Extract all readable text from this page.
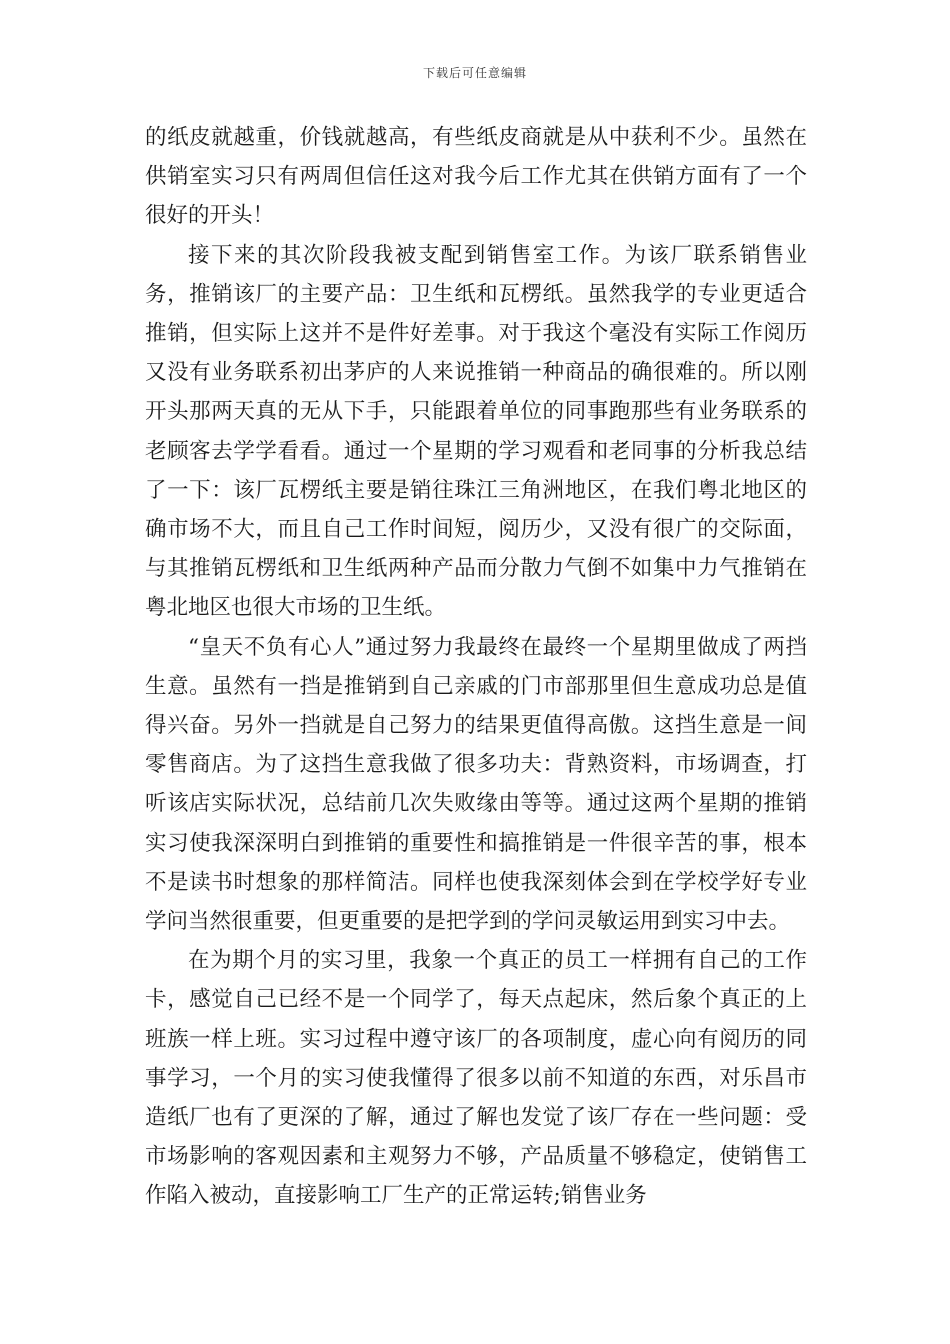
下载后可任意编辑

的纸皮就越重，价钱就越高，有些纸皮商就是从中获利不少。虽然在供销室实习只有两周但信任这对我今后工作尤其在供销方面有了一个很好的开头！

接下来的其次阶段我被支配到销售室工作。为该厂联系销售业务，推销该厂的主要产品：卫生纸和瓦楞纸。虽然我学的专业更适合推销，但实际上这并不是件好差事。对于我这个毫没有实际工作阅历又没有业务联系初出茅庐的人来说推销一种商品的确很难的。所以刚开头那两天真的无从下手，只能跟着单位的同事跑那些有业务联系的老顾客去学学看看。通过一个星期的学习观看和老同事的分析我总结了一下：该厂瓦楞纸主要是销往珠江三角洲地区，在我们粤北地区的确市场不大，而且自己工作时间短，阅历少，又没有很广的交际面，与其推销瓦楞纸和卫生纸两种产品而分散力气倒不如集中力气推销在粤北地区也很大市场的卫生纸。

“皇天不负有心人”通过努力我最终在最终一个星期里做成了两挡生意。虽然有一挡是推销到自己亲戚的门市部那里但生意成功总是值得兴奋。另外一挡就是自己努力的结果更值得高傲。这挡生意是一间零售商店。为了这挡生意我做了很多功夫：背熟资料，市场调查，打听该店实际状况，总结前几次失败缘由等等。通过这两个星期的推销实习使我深深明白到推销的重要性和搞推销是一件很辛苦的事，根本不是读书时想象的那样简洁。同样也使我深刻体会到在学校学好专业学问当然很重要，但更重要的是把学到的学问灵敏运用到实习中去。

在为期个月的实习里，我象一个真正的员工一样拥有自己的工作卡，感觉自己已经不是一个同学了，每天点起床，然后象个真正的上班族一样上班。实习过程中遵守该厂的各项制度，虚心向有阅历的同事学习，一个月的实习使我懂得了很多以前不知道的东西，对乐昌市造纸厂也有了更深的了解，通过了解也发觉了该厂存在一些问题：受市场影响的客观因素和主观努力不够，产品质量不够稳定，使销售工作陷入被动，直接影响工厂生产的正常运转;销售业务
